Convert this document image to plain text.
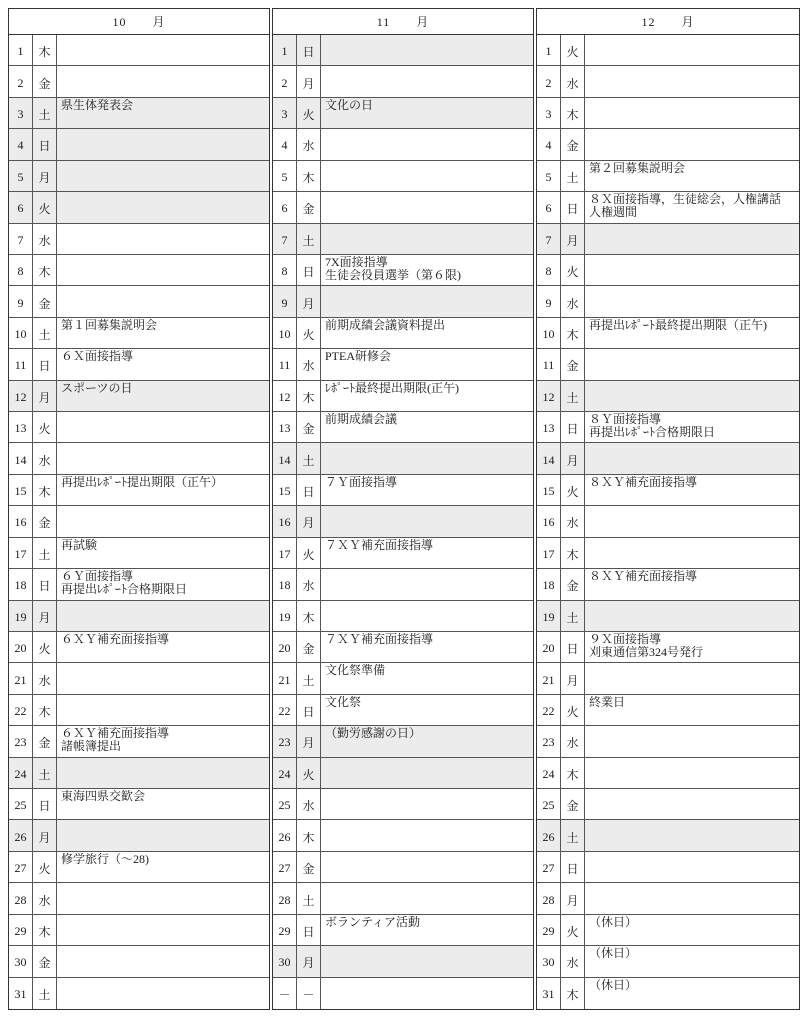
10　　月
1	木
2	金
3	土
県生体発表会
4	日
5	月
6	火
7	水
8	木
9	金
10 土
第１回募集説明会
11	日
６Ｘ面接指導
12 月
スポーツの日
13 火
14 水
15 木
再提出ﾚﾎﾟｰﾄ提出期限（正午）
16 金
17 土
再試験
18 日
６Ｙ面接指導
再提出ﾚﾎﾟｰﾄ合格期限日
19 月
20 火
６ＸＹ補充面接指導
21 水
22 木
23 金
６ＸＹ補充面接指導
諸帳簿提出
24 土
25 日
東海四県交歓会
26 月
27 火
修学旅行（～28)
28 水
29 木
30 金
31 土
11　　月
1	日
2	月
3	火
文化の日
4	水
5	木
6	金
7	土
8	日
7X面接指導
生徒会役員選挙（第６限)
9	月
10 火
前期成績会議資料提出
11	水
PTEA研修会
12 木
ﾚﾎﾟｰﾄ最終提出期限(正午)
13 金
前期成績会議
14 土
15 日
７Ｙ面接指導
16 月
17 火
７ＸＹ補充面接指導
18 水
19 木
20 金
７ＸＹ補充面接指導
21 土
文化祭準備
22 日
文化祭
23 月
（勤労感謝の日）
24 火
25 水
26 木
27 金
28 土
29 日
ボランティア活動
30 月
－ －
12　　月
1	火
2	水
3	木
4	金
5	土
第２回募集説明会
6	日
８Ｘ面接指導，生徒総会，人権講話
人権週間
7	月
8	火
9	水
10 木
再提出ﾚﾎﾟｰﾄ最終提出期限（正午)
11	金
12 土
13 日
８Ｙ面接指導
再提出ﾚﾎﾟｰﾄ合格期限日
14 月
15 火
８ＸＹ補充面接指導
16 水
17 木
18 金
８ＸＹ補充面接指導
19 土
20 日
９Ｘ面接指導
刈東通信第324号発行
21 月
22 火
終業日
23 水
24 木
25 金
26 土
27 日
28 月
29 火
（休日）
30 水
（休日）
31 木
（休日）
